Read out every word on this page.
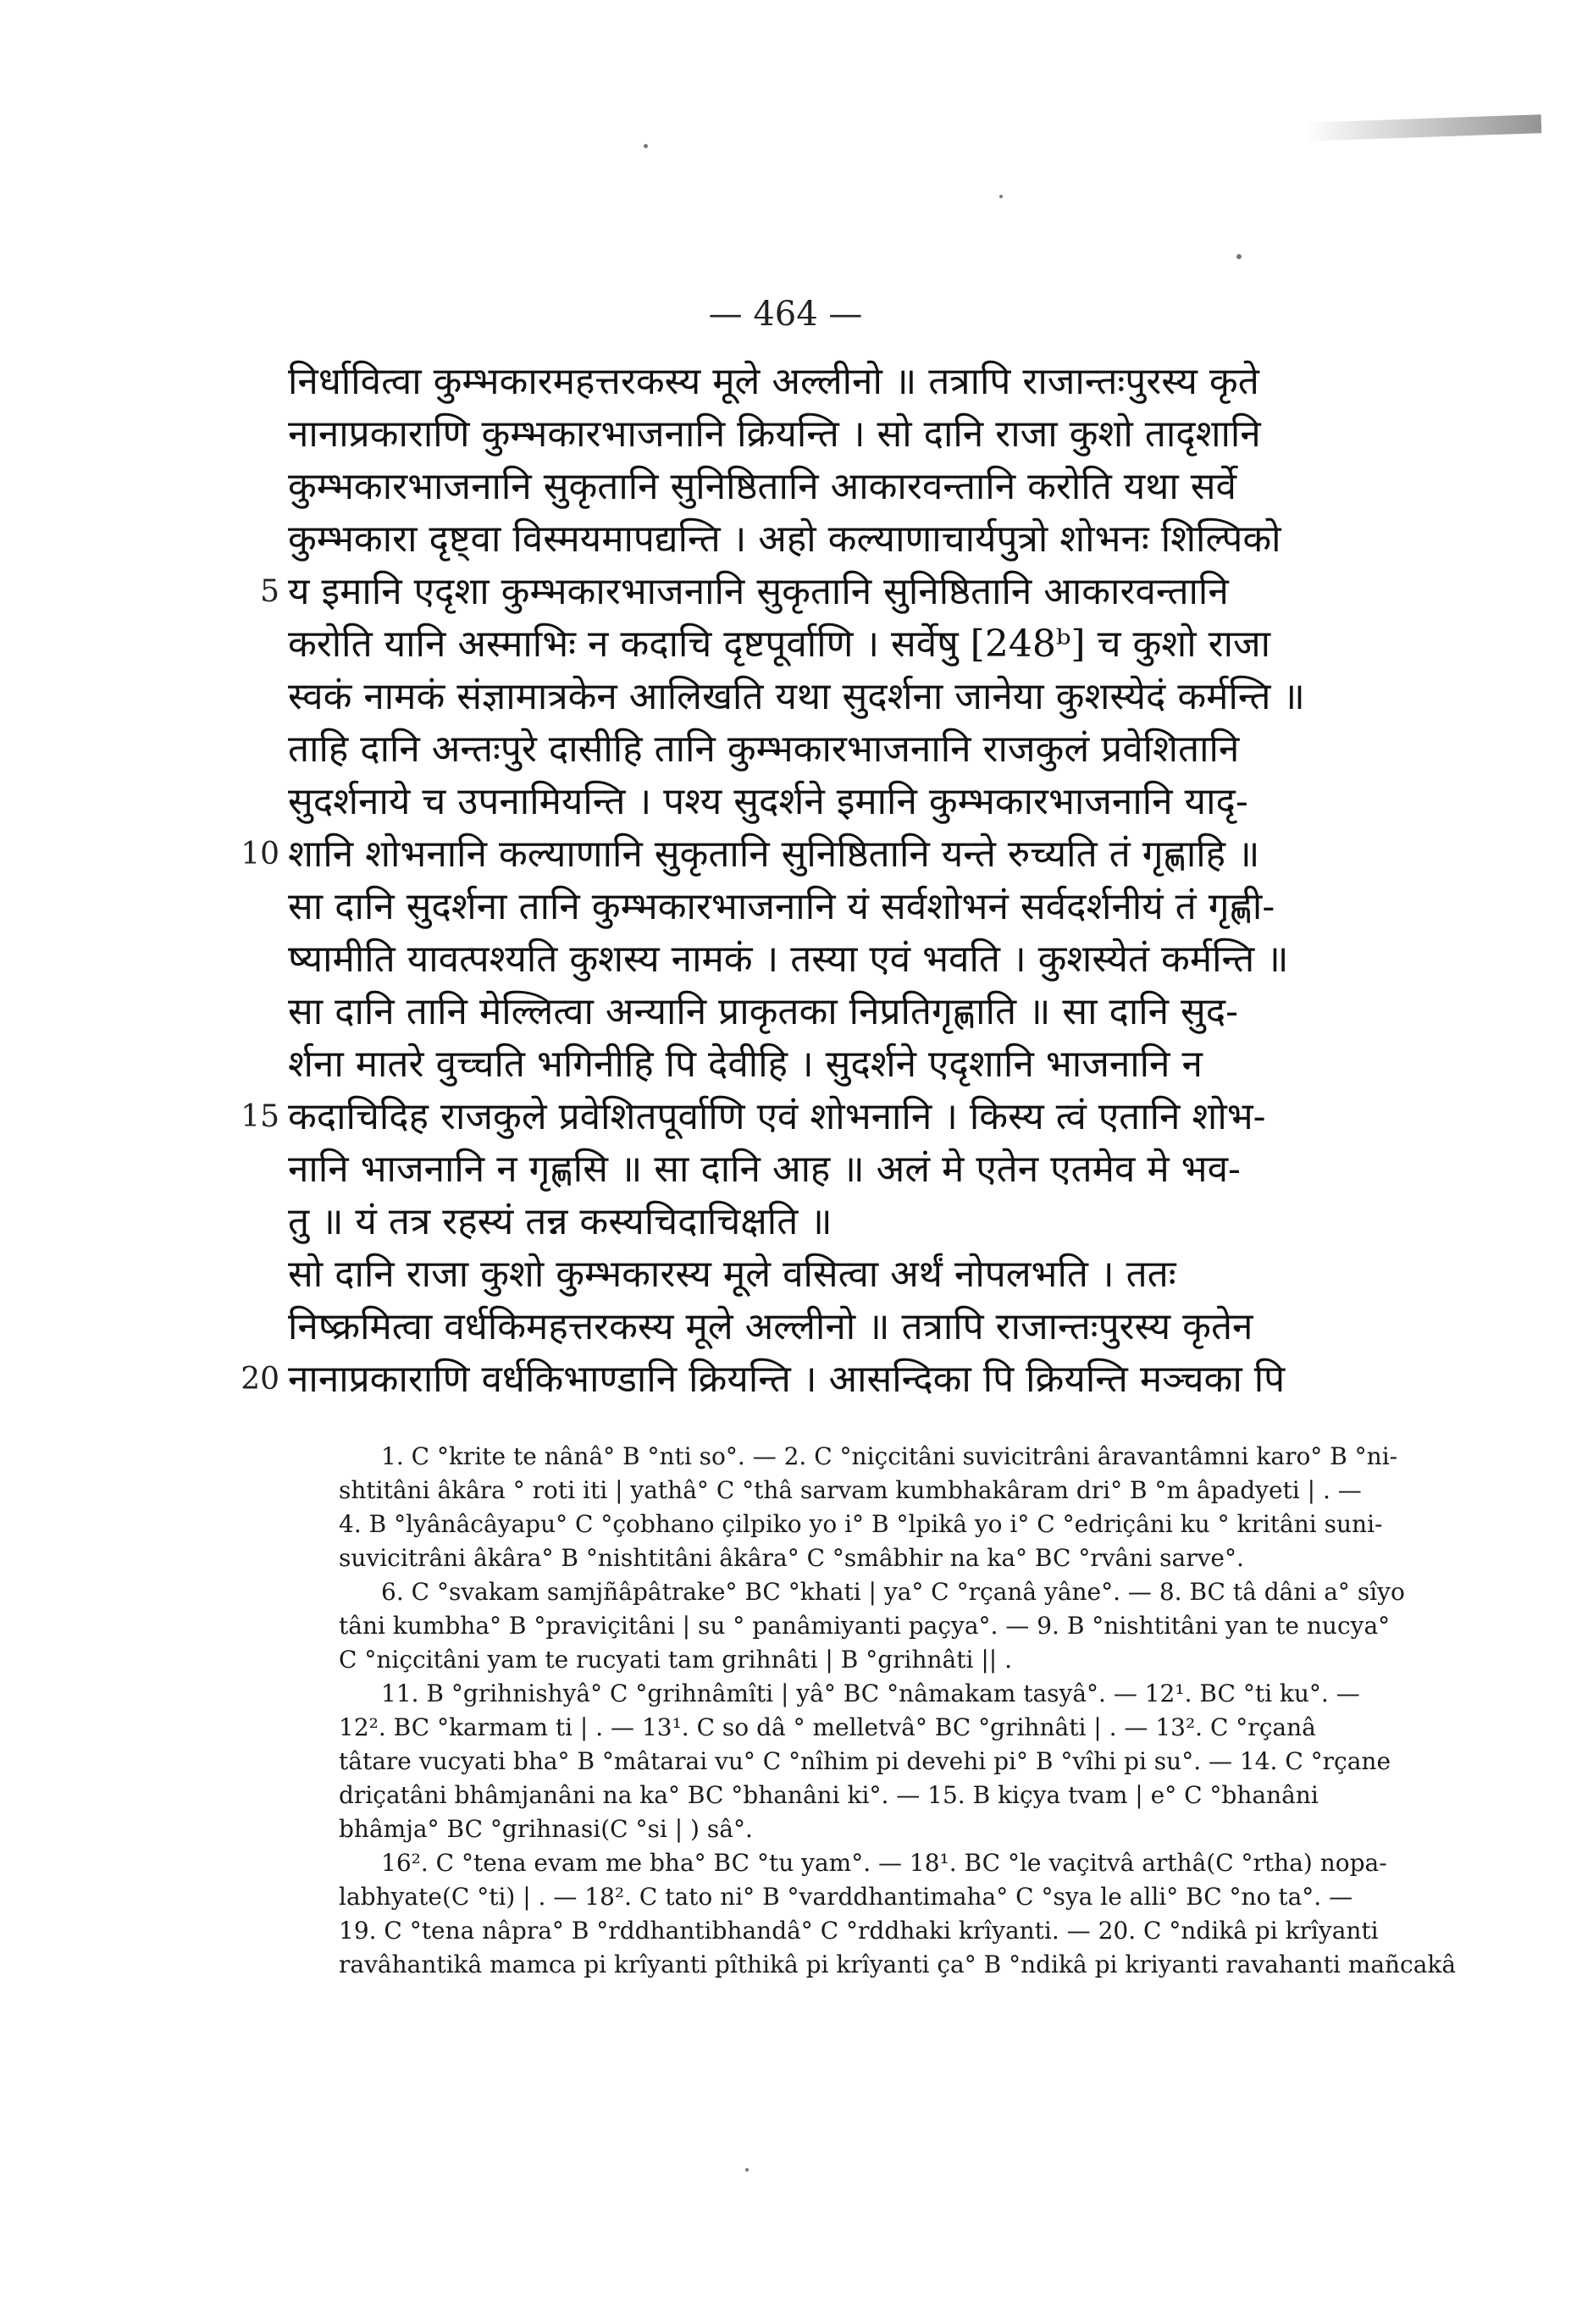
— 464 —
निर्धावित्वा कुम्भकारमहत्तरकस्य मूले अल्लीनो ॥ तत्रापि राजान्तःपुरस्य कृते
नानाप्रकाराणि कुम्भकारभाजनानि क्रियन्ति । सो दानि राजा कुशो तादृशानि
कुम्भकारभाजनानि सुकृतानि सुनिष्ठितानि आकारवन्तानि करोति यथा सर्वे
कुम्भकारा दृष्ट्वा विस्मयमापद्यन्ति । अहो कल्याणाचार्यपुत्रो शोभनः शिल्पिको
5 य इमानि एदृशा कुम्भकारभाजनानि सुकृतानि सुनिष्ठितानि आकारवन्तानि
करोति यानि अस्माभिः न कदाचि दृष्टपूर्वाणि । सर्वेषु [248ᵇ] च कुशो राजा
स्वकं नामकं संज्ञामात्रकेन आलिखति यथा सुदर्शना जानेया कुशस्येदं कर्मन्ति ॥
ताहि दानि अन्तःपुरे दासीहि तानि कुम्भकारभाजनानि राजकुलं प्रवेशितानि
सुदर्शनाये च उपनामियन्ति । पश्य सुदर्शने इमानि कुम्भकारभाजनानि यादृ-
10 शानि शोभनानि कल्याणानि सुकृतानि सुनिष्ठितानि यन्ते रुच्यति तं गृह्णाहि ॥
सा दानि सुदर्शना तानि कुम्भकारभाजनानि यं सर्वशोभनं सर्वदर्शनीयं तं गृह्णी-
ष्यामीति यावत्पश्यति कुशस्य नामकं । तस्या एवं भवति । कुशस्येतं कर्मन्ति ॥
सा दानि तानि मेल्लित्वा अन्यानि प्राकृतका निप्रतिगृह्णाति ॥ सा दानि सुद-
र्शना मातरे वुच्चति भगिनीहि पि देवीहि । सुदर्शने एदृशानि भाजनानि न
15 कदाचिदिह राजकुले प्रवेशितपूर्वाणि एवं शोभनानि । किस्य त्वं एतानि शोभ-
नानि भाजनानि न गृह्णसि ॥ सा दानि आह ॥ अलं मे एतेन एतमेव मे भव-
तु ॥ यं तत्र रहस्यं तन्न कस्यचिदाचिक्षति ॥
सो दानि राजा कुशो कुम्भकारस्य मूले वसित्वा अर्थं नोपलभति । ततः
निष्क्रमित्वा वर्धकिमहत्तरकस्य मूले अल्लीनो ॥ तत्रापि राजान्तःपुरस्य कृतेन
20 नानाप्रकाराणि वर्धकिभाण्डानि क्रियन्ति । आसन्दिका पि क्रियन्ति मञ्चका पि
1. C °krite te nânâ° B °nti so°. — 2. C °niçcitâni suvicitrâni âravantâmni karo° B °ni-
shtitâni âkâra ° roti iti | yathâ° C °thâ sarvam kumbhakâram dri° B °m âpadyeti | . —
4. B °lyânâcâyapu° C °çobhano çilpiko yo i° B °lpikâ yo i° C °edriçâni ku ° kritâni suni-
suvicitrâni âkâra° B °nishtitâni âkâra° C °smâbhir na ka° BC °rvâni sarve°.
6. C °svakam samjñâpâtrake° BC °khati | ya° C °rçanâ yâne°. — 8. BC tâ dâni a° sîyo
tâni kumbha° B °praviçitâni | su ° panâmiyanti paçya°. — 9. B °nishtitâni yan te nucya°
C °niçcitâni yam te rucyati tam grihnâti | B °grihnâti || .
11. B °grihnishyâ° C °grihnâmîti | yâ° BC °nâmakam tasyâ°. — 12¹. BC °ti ku°. —
12². BC °karmam ti | . — 13¹. C so dâ ° melletvâ° BC °grihnâti | . — 13². C °rçanâ
tâtare vucyati bha° B °mâtarai vu° C °nîhim pi devehi pi° B °vîhi pi su°. — 14. C °rçane
driçatâni bhâmjanâni na ka° BC °bhanâni ki°. — 15. B kiçya tvam | e° C °bhanâni
bhâmja° BC °grihnasi(C °si | ) sâ°.
16². C °tena evam me bha° BC °tu yam°. — 18¹. BC °le vaçitvâ arthâ(C °rtha) nopa-
labhyate(C °ti) | . — 18². C tato ni° B °varddhantimaha° C °sya le alli° BC °no ta°. —
19. C °tena nâpra° B °rddhantibhandâ° C °rddhaki krîyanti. — 20. C °ndikâ pi krîyanti
ravâhantikâ mamca pi krîyanti pîthikâ pi krîyanti ça° B °ndikâ pi kriyanti ravahanti mañcakâ
